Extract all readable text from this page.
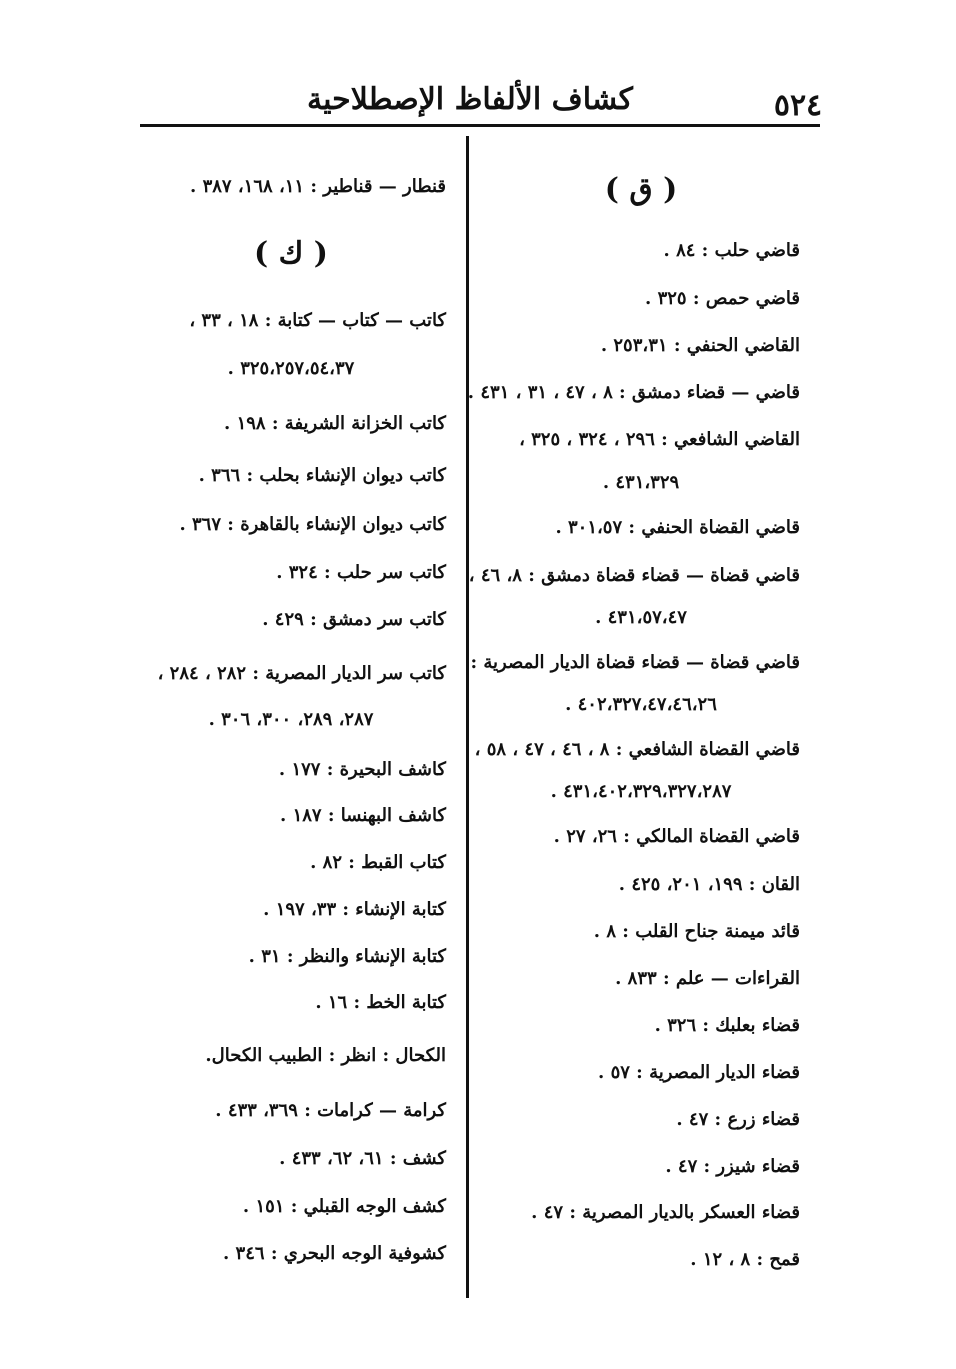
٥٢٤
كشاف الألفاظ الإصطلاحية
( ق )
قاضي حلب : ٨٤ .
قاضي حمص : ٣٢٥ .
القاضي الحنفي : ٢٥٣،٣١ .
قاضي — قضاء دمشق : ٨ ، ٤٧ ، ٣١ ، ٤٣١ .
القاضي الشافعي : ٢٩٦ ، ٣٢٤ ، ٣٢٥ ،
٤٣١،٣٢٩ .
قاضي القضاة الحنفي : ٣٠١،٥٧ .
قاضي قضاة — قضاء قضاة دمشق : ٨، ٤٦ ،
٤٣١،٥٧،٤٧ .
قاضي قضاة — قضاء قضاة الديار المصرية :
٤٠٢،٣٢٧،٤٧،٤٦،٢٦ .
قاضي القضاة الشافعي : ٨ ، ٤٦ ، ٤٧ ، ٥٨ ،
٤٣١،٤٠٢،٣٢٩،٣٢٧،٢٨٧ .
قاضي القضاة المالكي : ٢٦، ٢٧ .
القان : ١٩٩، ٢٠١، ٤٢٥ .
قائد ميمنة جناح القلب : ٨ .
القراءات — علم : ٨٣٣ .
قضاء بعلبك : ٣٢٦ .
قضاء الديار المصرية : ٥٧ .
قضاء زرع : ٤٧ .
قضاء شيزر : ٤٧ .
قضاء العسكر بالديار المصرية : ٤٧ .
قمح : ٨ ، ١٢ .
قنطار — قناطير : ١١، ١٦٨، ٣٨٧ .
( ك )
كاتب — كتاب — كتابة : ١٨ ، ٣٣ ،
٣٢٥،٢٥٧،٥٤،٣٧ .
كاتب الخزانة الشريفة : ١٩٨ .
كاتب ديوان الإنشاء بحلب : ٣٦٦ .
كاتب ديوان الإنشاء بالقاهرة : ٣٦٧ .
كاتب سر حلب : ٣٢٤ .
كاتب سر دمشق : ٤٢٩ .
كاتب سر الديار المصرية : ٢٨٢ ، ٢٨٤ ،
٢٨٧، ٢٨٩، ٣٠٠، ٣٠٦ .
كاشف البحيرة : ١٧٧ .
كاشف البهنسا : ١٨٧ .
كتاب القبط : ٨٢ .
كتابة الإنشاء : ٣٣، ١٩٧ .
كتابة الإنشاء والنظر : ٣١ .
كتابة الخط : ١٦ .
الكحال : انظر : الطبيب الكحال.
كرامة — كرامات : ٣٦٩، ٤٣٣ .
كشف : ٦١، ٦٢، ٤٣٣ .
كشف الوجه القبلي : ١٥١ .
كشوفية الوجه البحري : ٣٤٦ .
